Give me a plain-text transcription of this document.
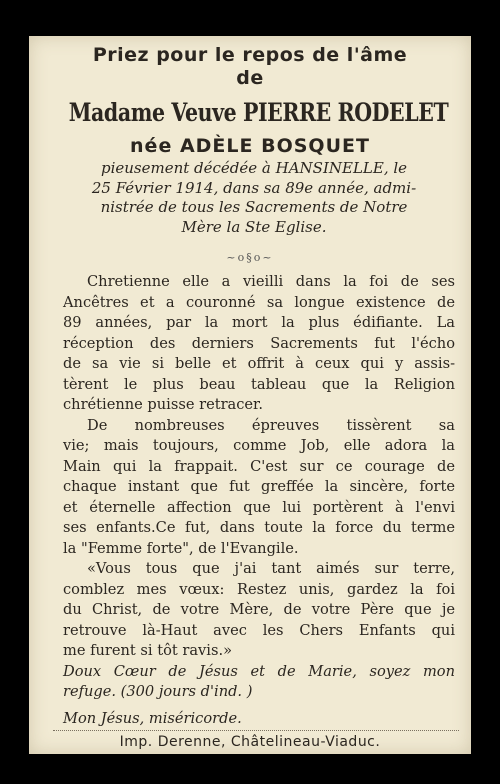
Priez pour le repos de l'âme
de
Madame Veuve PIERRE RODELET
née ADÈLE BOSQUET
pieusement décédée à HANSINELLE, le
25 Février 1914, dans sa 89e année, admi-
nistrée de tous les Sacrements de Notre
Mère la Ste Eglise.
~o§o~
Chretienne elle a vieilli dans la foi de ses
Ancêtres et a couronné sa longue existence de
89 années, par la mort la plus édifiante. La
réception des derniers Sacrements fut l'écho
de sa vie si belle et offrit à ceux qui y assis-
tèrent le plus beau tableau que la Religion
chrétienne puisse retracer.
De nombreuses épreuves tissèrent sa
vie; mais toujours, comme Job, elle adora la
Main qui la frappait. C'est sur ce courage de
chaque instant que fut greffée la sincère, forte
et éternelle affection que lui portèrent à l'envi
ses enfants.Ce fut, dans toute la force du terme
la "Femme forte", de l'Evangile.
«Vous tous que j'ai tant aimés sur terre,
comblez mes vœux: Restez unis, gardez la foi
du Christ, de votre Mère, de votre Père que je
retrouve là-Haut avec les Chers Enfants qui
me furent si tôt ravis.»
Doux Cœur de Jésus et de Marie, soyez mon
refuge. (300 jours d'ind. )
Mon Jésus, miséricorde.
Imp. Derenne, Châtelineau-Viaduc.
